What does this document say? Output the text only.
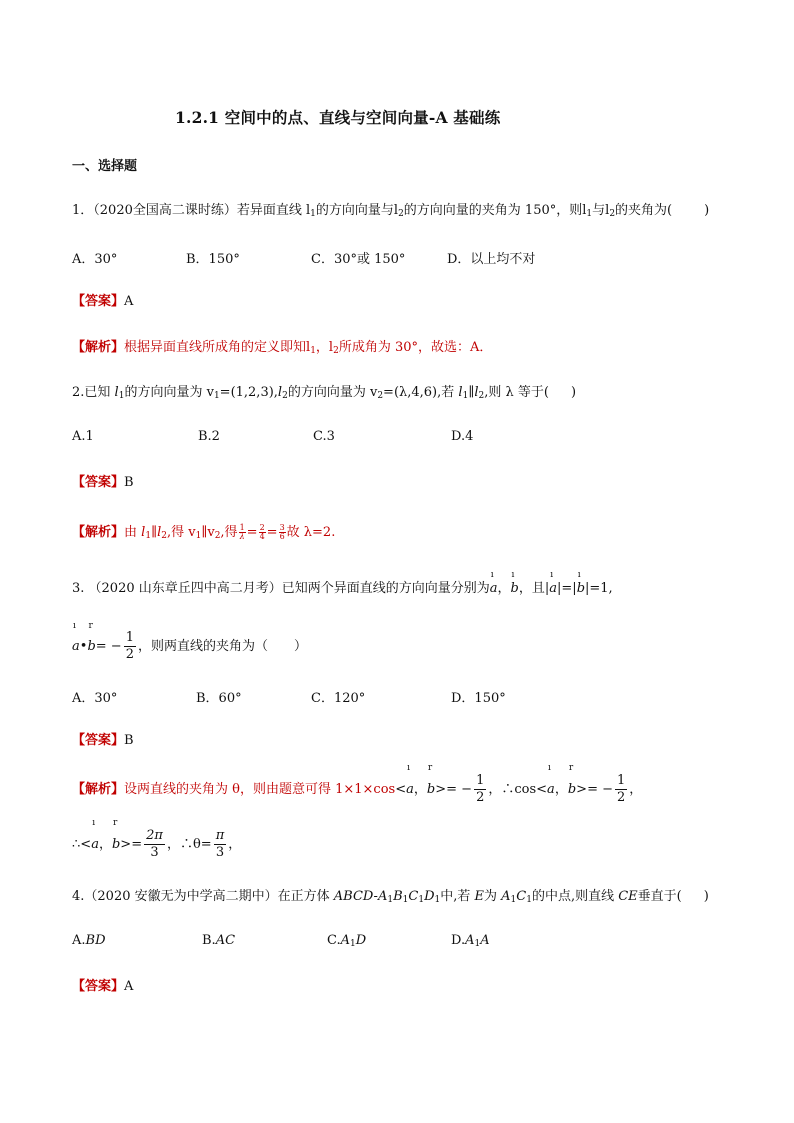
1.2.1 空间中的点、直线与空间向量-A 基础练
一、选择题
1．（2020全国高二课时练）若异面直线 $l_1$的方向向量与$l_2$的方向向量的夹角为 150°，则$l_1$与$l_2$的夹角为( )
A．30°	B．150°	C．30°或 150°	D．以上均不对
【答案】A
【解析】根据异面直线所成角的定义即知$l_1$，$l_2$所成角为 30°，故选：A．
2.已知 $l_1$的方向向量为 $v_1=(1,2,3),l_2$的方向向量为 $v_2=(\lambda,4,6)$,若 $l_1\parallel l_2$,则 λ 等于( )
A.1	B.2	C.3	D.4
【答案】B
【解析】由 $l_1\parallel l_2$,得 $v_1\parallel v_2$,得 $\frac{1}{\lambda} = \frac{2}{4} = \frac{3}{6}$ 故 λ=2.
3. （2020 山东章丘四中高二月考）已知两个异面直线的方向向量分别为
ı
a，
ı
b，且|
ı
a|=|
ı
b|=1,
ı
a•
r
$b= - \frac{1}{2}$ ，则两直线的夹角为（ ）
A．30°	B．60°	C．120°	D．150°
【答案】B
【解析】设两直线的夹角为 θ，则由题意可得 1×1×cos<
ı
a，
r
$b>= - \frac{1}{2}$ ，∴cos<
ı
a，
r
$b>= - \frac{1}{2}$ ，
∴<
ı
a，
r
$b>= \frac{2\pi}{3}$ ，∴θ= $\frac{\pi}{3}$ ，
4.（2020 安徽无为中学高二期中）在正方体 ABCD-$A_1B_1C_1D_1$中,若 E为 $A_1C_1$的中点,则直线 CE垂直于( )
A.BD	B.AC	$C.A_1D$	$D.A_1A$
【答案】A
